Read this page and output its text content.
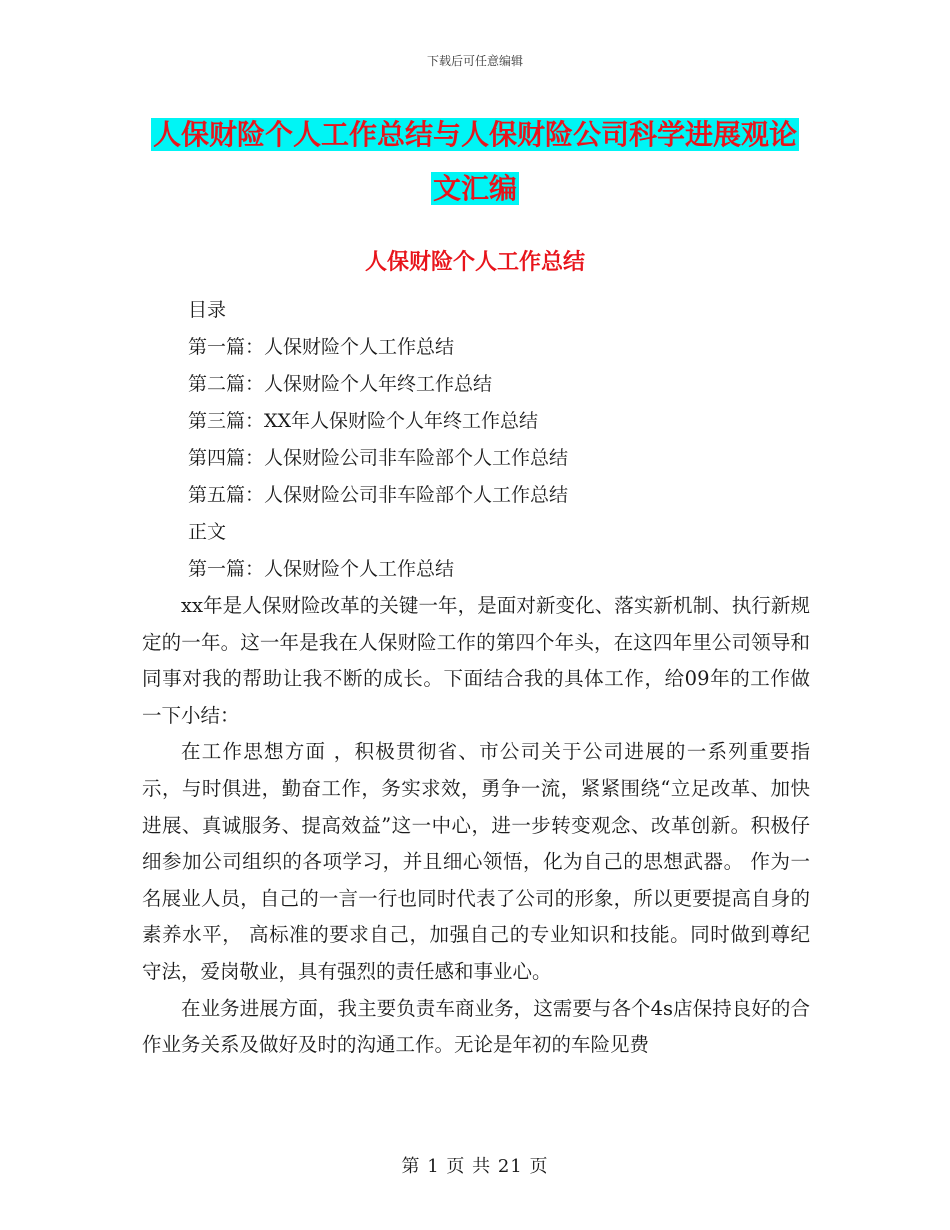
下载后可任意编辑
人保财险个人工作总结与人保财险公司科学进展观论
文汇编
人保财险个人工作总结
目录
第一篇：人保财险个人工作总结
第二篇：人保财险个人年终工作总结
第三篇：XX年人保财险个人年终工作总结
第四篇：人保财险公司非车险部个人工作总结
第五篇：人保财险公司非车险部个人工作总结
正文
第一篇：人保财险个人工作总结

xx年是人保财险改革的关键一年，是面对新变化、落实新机制、执行新规定的一年。这一年是我在人保财险工作的第四个年头，在这四年里公司领导和同事对我的帮助让我不断的成长。下面结合我的具体工作，给09年的工作做一下小结：

在工作思想方面 ，积极贯彻省、市公司关于公司进展的一系列重要指示，与时俱进，勤奋工作，务实求效，勇争一流，紧紧围绕“立足改革、加快进展、真诚服务、提高效益”这一中心，进一步转变观念、改革创新。积极仔细参加公司组织的各项学习，并且细心领悟，化为自己的思想武器。 作为一名展业人员，自己的一言一行也同时代表了公司的形象，所以更要提高自身的素养水平， 高标准的要求自己，加强自己的专业知识和技能。同时做到尊纪守法，爱岗敬业，具有强烈的责任感和事业心。

在业务进展方面，我主要负责车商业务，这需要与各个4s店保持良好的合作业务关系及做好及时的沟通工作。无论是年初的车险见费

第 1 页 共 21 页
